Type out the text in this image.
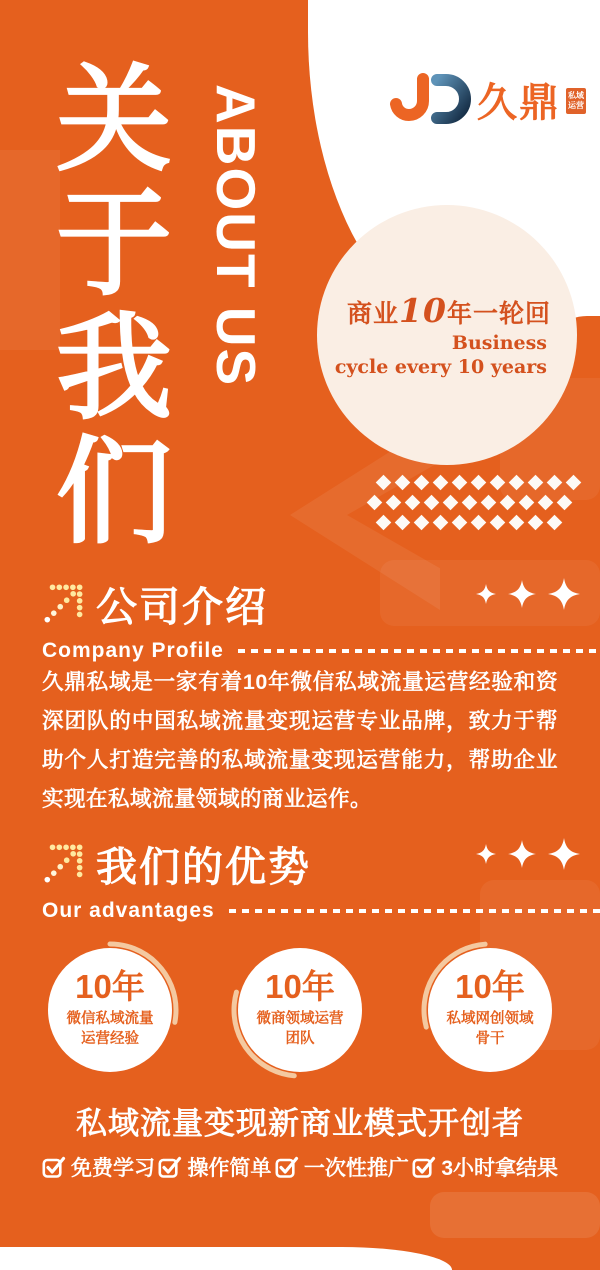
久鼎 私域
运营
关
于
我
们
ABOUT US	商业10年一轮回
Business
cycle every 10 years
公司介绍
Company Profile
久鼎私域是一家有着10年微信私域流量运营经验和资深团队的中国私域流量变现运营专业品牌，致力于帮助个人打造完善的私域流量变现运营能力，帮助企业实现在私域流量领域的商业运作。
我们的优势
Our advantages
10年
微信私域流量
运营经验
10年
微商领域运营
团队
10年
私域网创领域
骨干
私域流量变现新商业模式开创者
免费学习 操作简单 一次性推广 3小时拿结果
